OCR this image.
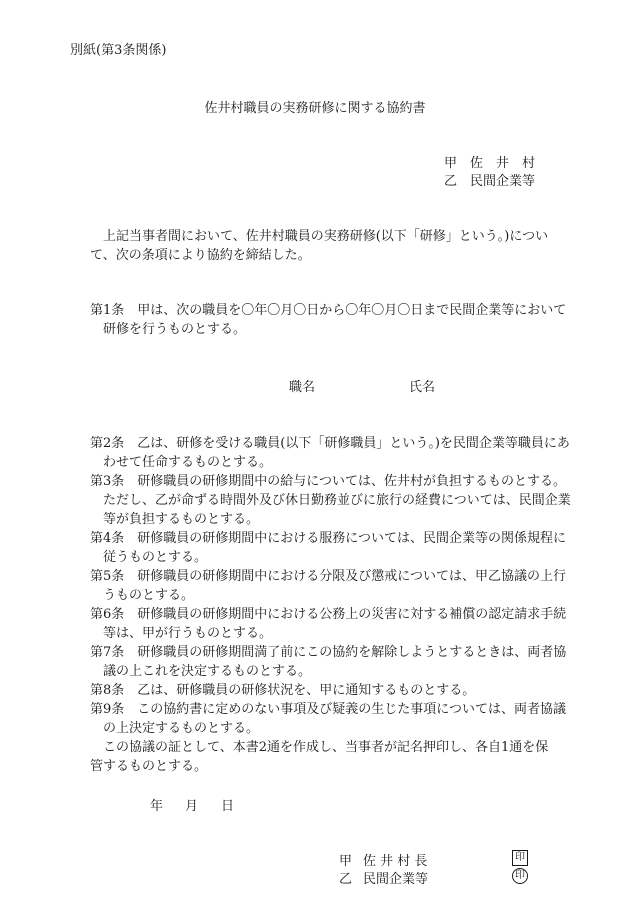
別紙(第3条関係)
佐井村職員の実務研修に関する協約書
甲 佐　井　村
乙 民間企業等
上記当事者間において、佐井村職員の実務研修(以下「研修」という。)について、次の条項により協約を締結した。
第1条　甲は、次の職員を〇年〇月〇日から〇年〇月〇日まで民間企業等において研修を行うものとする。
職名	氏名
第2条　乙は、研修を受ける職員(以下「研修職員」という。)を民間企業等職員にあわせて任命するものとする。
第3条　研修職員の研修期間中の給与については、佐井村が負担するものとする。ただし、乙が命ずる時間外及び休日勤務並びに旅行の経費については、民間企業等が負担するものとする。
第4条　研修職員の研修期間中における服務については、民間企業等の関係規程に従うものとする。
第5条　研修職員の研修期間中における分限及び懲戒については、甲乙協議の上行うものとする。
第6条　研修職員の研修期間中における公務上の災害に対する補償の認定請求手続等は、甲が行うものとする。
第7条　研修職員の研修期間満了前にこの協約を解除しようとするときは、両者協議の上これを決定するものとする。
第8条　乙は、研修職員の研修状況を、甲に通知するものとする。
第9条　この協約書に定めのない事項及び疑義の生じた事項については、両者協議の上決定するものとする。
この協議の証として、本書2通を作成し、当事者が記名押印し、各自1通を保管するものとする。
年 月 日
甲 佐 井 村 長
乙 民間企業等
印
印
